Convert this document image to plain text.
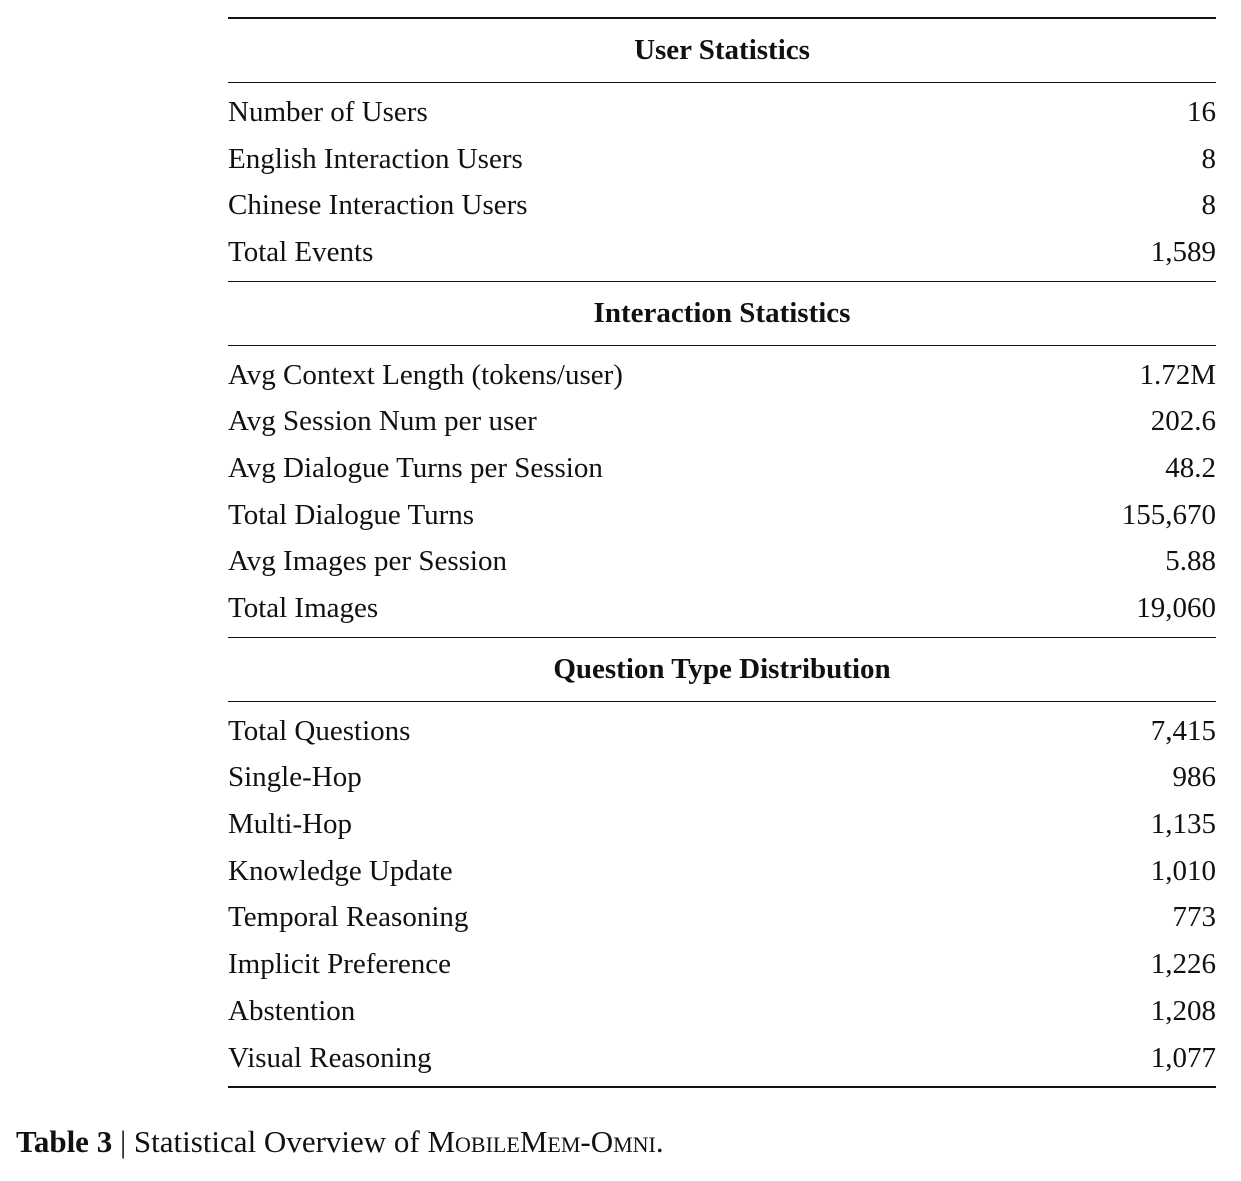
User Statistics
Number of Users	16
English Interaction Users	8
Chinese Interaction Users	8
Total Events	1,589
Interaction Statistics
Avg Context Length (tokens/user)	1.72M
Avg Session Num per user	202.6
Avg Dialogue Turns per Session	48.2
Total Dialogue Turns	155,670
Avg Images per Session	5.88
Total Images	19,060
Question Type Distribution
Total Questions	7,415
Single-Hop	986
Multi-Hop	1,135
Knowledge Update	1,010
Temporal Reasoning	773
Implicit Preference	1,226
Abstention	1,208
Visual Reasoning	1,077
Table 3 | Statistical Overview of MobileMem-Omni.
